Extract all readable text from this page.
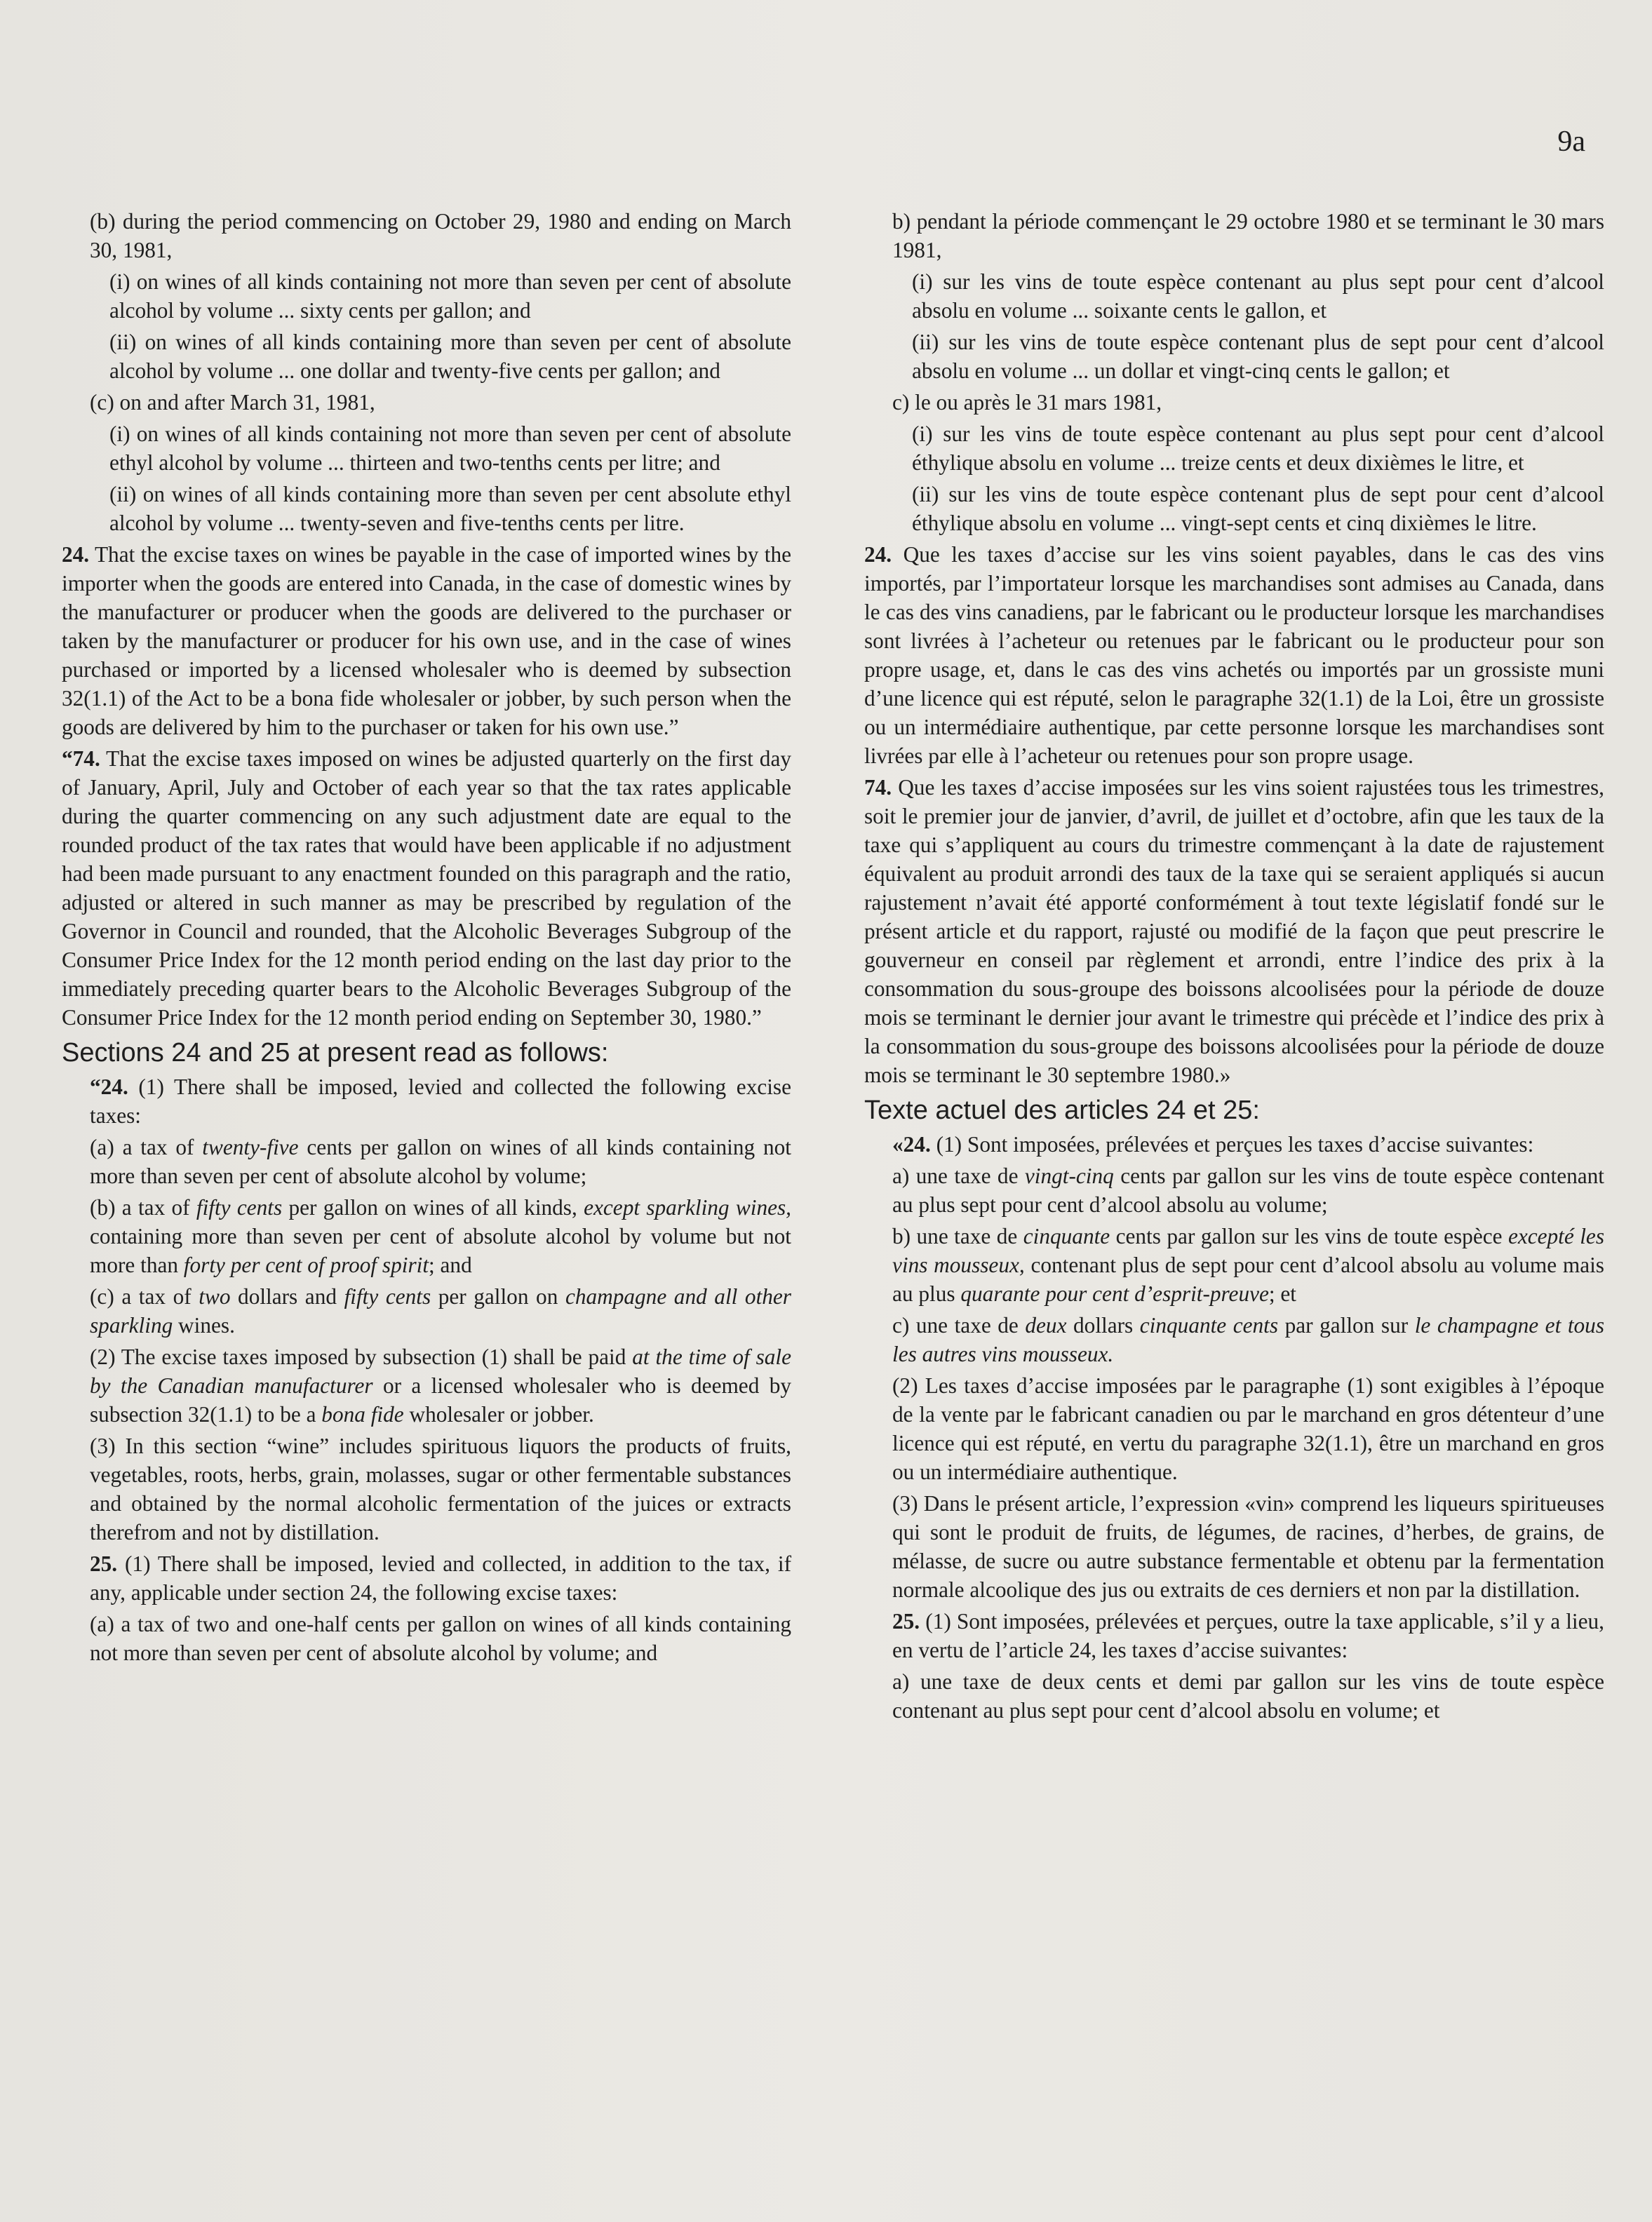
9a

(b) during the period commencing on October 29, 1980 and ending on March 30, 1981,

(i) on wines of all kinds containing not more than seven per cent of absolute alcohol by volume ... sixty cents per gallon; and

(ii) on wines of all kinds containing more than seven per cent of absolute alcohol by volume ... one dollar and twenty-five cents per gallon; and

(c) on and after March 31, 1981,

(i) on wines of all kinds containing not more than seven per cent of absolute ethyl alcohol by volume ... thirteen and two-tenths cents per litre; and

(ii) on wines of all kinds containing more than seven per cent absolute ethyl alcohol by volume ... twenty-seven and five-tenths cents per litre.

24. That the excise taxes on wines be payable in the case of imported wines by the importer when the goods are entered into Canada, in the case of domestic wines by the manufacturer or producer when the goods are delivered to the purchaser or taken by the manufacturer or producer for his own use, and in the case of wines purchased or imported by a licensed wholesaler who is deemed by subsection 32(1.1) of the Act to be a bona fide wholesaler or jobber, by such person when the goods are delivered by him to the purchaser or taken for his own use.”

“74. That the excise taxes imposed on wines be adjusted quarterly on the first day of January, April, July and October of each year so that the tax rates applicable during the quarter commencing on any such adjustment date are equal to the rounded product of the tax rates that would have been applicable if no adjustment had been made pursuant to any enactment founded on this paragraph and the ratio, adjusted or altered in such manner as may be prescribed by regulation of the Governor in Council and rounded, that the Alcoholic Beverages Subgroup of the Consumer Price Index for the 12 month period ending on the last day prior to the immediately preceding quarter bears to the Alcoholic Beverages Subgroup of the Consumer Price Index for the 12 month period ending on September 30, 1980.”

Sections 24 and 25 at present read as follows:

“24. (1) There shall be imposed, levied and collected the following excise taxes:

(a) a tax of twenty-five cents per gallon on wines of all kinds containing not more than seven per cent of absolute alcohol by volume;

(b) a tax of fifty cents per gallon on wines of all kinds, except sparkling wines, containing more than seven per cent of absolute alcohol by volume but not more than forty per cent of proof spirit; and

(c) a tax of two dollars and fifty cents per gallon on champagne and all other sparkling wines.

(2) The excise taxes imposed by subsection (1) shall be paid at the time of sale by the Canadian manufacturer or a licensed wholesaler who is deemed by subsection 32(1.1) to be a bona fide wholesaler or jobber.

(3) In this section “wine” includes spirituous liquors the products of fruits, vegetables, roots, herbs, grain, molasses, sugar or other fermentable substances and obtained by the normal alcoholic fermentation of the juices or extracts therefrom and not by distillation.

25. (1) There shall be imposed, levied and collected, in addition to the tax, if any, applicable under section 24, the following excise taxes:

(a) a tax of two and one-half cents per gallon on wines of all kinds containing not more than seven per cent of absolute alcohol by volume; and

b) pendant la période commençant le 29 octobre 1980 et se terminant le 30 mars 1981,

(i) sur les vins de toute espèce contenant au plus sept pour cent d’alcool absolu en volume ... soixante cents le gallon, et

(ii) sur les vins de toute espèce contenant plus de sept pour cent d’alcool absolu en volume ... un dollar et vingt-cinq cents le gallon; et

c) le ou après le 31 mars 1981,

(i) sur les vins de toute espèce contenant au plus sept pour cent d’alcool éthylique absolu en volume ... treize cents et deux dixièmes le litre, et

(ii) sur les vins de toute espèce contenant plus de sept pour cent d’alcool éthylique absolu en volume ... vingt-sept cents et cinq dixièmes le litre.

24. Que les taxes d’accise sur les vins soient payables, dans le cas des vins importés, par l’importateur lorsque les marchandises sont admises au Canada, dans le cas des vins canadiens, par le fabricant ou le producteur lorsque les marchandises sont livrées à l’acheteur ou retenues par le fabricant ou le producteur pour son propre usage, et, dans le cas des vins achetés ou importés par un grossiste muni d’une licence qui est réputé, selon le paragraphe 32(1.1) de la Loi, être un grossiste ou un intermédiaire authentique, par cette personne lorsque les marchandises sont livrées par elle à l’acheteur ou retenues pour son propre usage.

74. Que les taxes d’accise imposées sur les vins soient rajustées tous les trimestres, soit le premier jour de janvier, d’avril, de juillet et d’octobre, afin que les taux de la taxe qui s’appliquent au cours du trimestre commençant à la date de rajustement équivalent au produit arrondi des taux de la taxe qui se seraient appliqués si aucun rajustement n’avait été apporté conformément à tout texte législatif fondé sur le présent article et du rapport, rajusté ou modifié de la façon que peut prescrire le gouverneur en conseil par règlement et arrondi, entre l’indice des prix à la consommation du sous-groupe des boissons alcoolisées pour la période de douze mois se terminant le dernier jour avant le trimestre qui précède et l’indice des prix à la consommation du sous-groupe des boissons alcoolisées pour la période de douze mois se terminant le 30 septembre 1980.»

Texte actuel des articles 24 et 25:

«24. (1) Sont imposées, prélevées et perçues les taxes d’accise suivantes:

a) une taxe de vingt-cinq cents par gallon sur les vins de toute espèce contenant au plus sept pour cent d’alcool absolu au volume;

b) une taxe de cinquante cents par gallon sur les vins de toute espèce excepté les vins mousseux, contenant plus de sept pour cent d’alcool absolu au volume mais au plus quarante pour cent d’esprit-preuve; et

c) une taxe de deux dollars cinquante cents par gallon sur le champagne et tous les autres vins mousseux.

(2) Les taxes d’accise imposées par le paragraphe (1) sont exigibles à l’époque de la vente par le fabricant canadien ou par le marchand en gros détenteur d’une licence qui est réputé, en vertu du paragraphe 32(1.1), être un marchand en gros ou un intermédiaire authentique.

(3) Dans le présent article, l’expression «vin» comprend les liqueurs spiritueuses qui sont le produit de fruits, de légumes, de racines, d’herbes, de grains, de mélasse, de sucre ou autre substance fermentable et obtenu par la fermentation normale alcoolique des jus ou extraits de ces derniers et non par la distillation.

25. (1) Sont imposées, prélevées et perçues, outre la taxe applicable, s’il y a lieu, en vertu de l’article 24, les taxes d’accise suivantes:

a) une taxe de deux cents et demi par gallon sur les vins de toute espèce contenant au plus sept pour cent d’alcool absolu en volume; et
